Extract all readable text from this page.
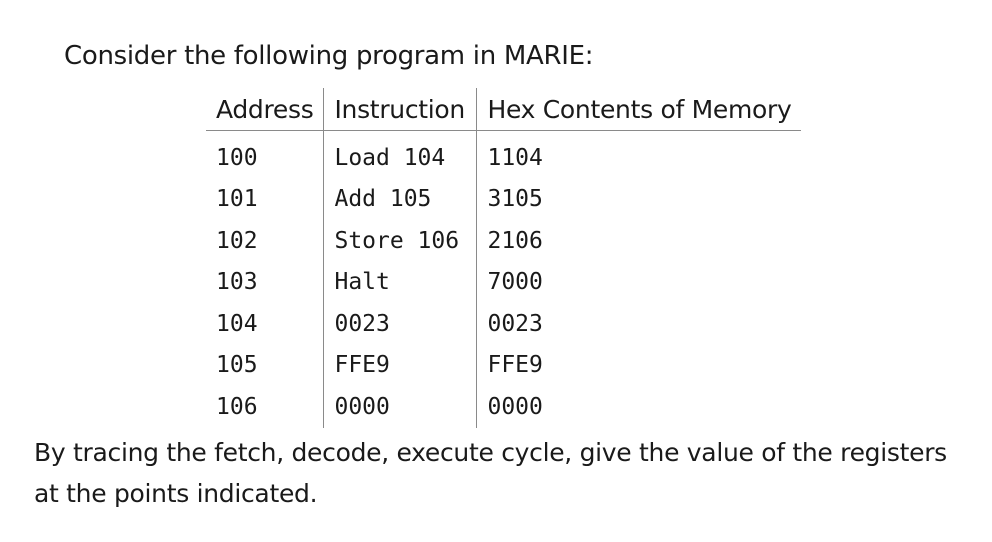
Consider the following program in MARIE:
Address	Instruction	Hex Contents of Memory
100	Load 104	1104
101	Add 105	3105
102	Store 106	2106
103	Halt	7000
104	0023	0023
105	FFE9	FFE9
106	0000	0000
By tracing the fetch, decode, execute cycle, give the value of the registers at the points indicated.
